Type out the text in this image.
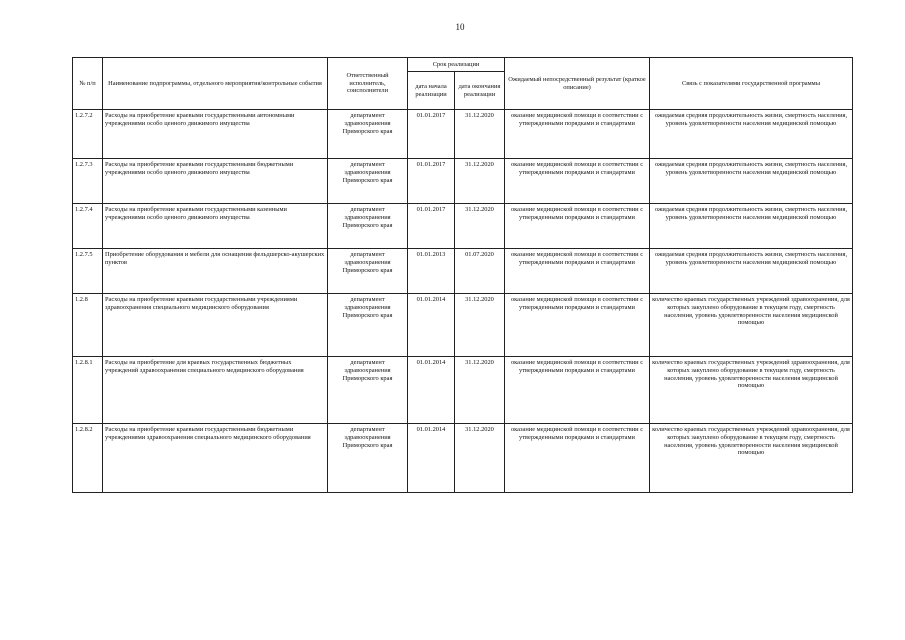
10
№ п/п	Наименование подпрограммы, отдельного мероприятия/контрольные события	Ответственный исполнитель, соисполнители	Срок реализации		Ожидаемый непосредственный результат (краткое описание)	Связь с показателями государственной программы
			дата начала реализации	дата окончания реализации		
1.2.7.2	Расходы на приобретение краевыми государственными автономными учреждениями особо ценного движимого имущества	департамент здравоохранения Приморского края	01.01.2017	31.12.2020	оказание медицинской помощи в соответствии с утвержденными порядками и стандартами	ожидаемая средняя продолжительность жизни, смертность населения, уровень удовлетворенности населения медицинской помощью
1.2.7.3	Расходы на приобретение краевыми государственными бюджетными учреждениями особо ценного движимого имущества	департамент здравоохранения Приморского края	01.01.2017	31.12.2020	оказание медицинской помощи в соответствии с утвержденными порядками и стандартами	ожидаемая средняя продолжительность жизни, смертность населения, уровень удовлетворенности населения медицинской помощью
1.2.7.4	Расходы на приобретение краевыми государственными казенными учреждениями особо ценного движимого имущества	департамент здравоохранения Приморского края	01.01.2017	31.12.2020	оказание медицинской помощи в соответствии с утвержденными порядками и стандартами	ожидаемая средняя продолжительность жизни, смертность населения, уровень удовлетворенности населения медицинской помощью
1.2.7.5	Приобретение оборудования и мебели для оснащения фельдшерско-акушерских пунктов	департамент здравоохранения Приморского края	01.01.2013	01.07.2020	оказание медицинской помощи в соответствии с утвержденными порядками и стандартами	ожидаемая средняя продолжительность жизни, смертность населения, уровень удовлетворенности населения медицинской помощью
1.2.8	Расходы на приобретение краевыми государственными учреждениями здравоохранения специального медицинского оборудования	департамент здравоохранения Приморского края	01.01.2014	31.12.2020	оказание медицинской помощи в соответствии с утвержденными порядками и стандартами	количество краевых государственных учреждений здравоохранения, для которых закуплено оборудование в текущем году, смертность населения, уровень удовлетворенности населения медицинской помощью
1.2.8.1	Расходы на приобретение для краевых государственных бюджетных учреждений здравоохранения специального медицинского оборудования	департамент здравоохранения Приморского края	01.01.2014	31.12.2020	оказание медицинской помощи в соответствии с утвержденными порядками и стандартами	количество краевых государственных учреждений здравоохранения, для которых закуплено оборудование в текущем году, смертность населения, уровень удовлетворенности населения медицинской помощью
1.2.8.2	Расходы на приобретение краевыми государственными бюджетными учреждениями здравоохранения специального медицинского оборудования	департамент здравоохранения Приморского края	01.01.2014	31.12.2020	оказание медицинской помощи в соответствии с утвержденными порядками и стандартами	количество краевых государственных учреждений здравоохранения, для которых закуплено оборудование в текущем году, смертность населения, уровень удовлетворенности населения медицинской помощью
